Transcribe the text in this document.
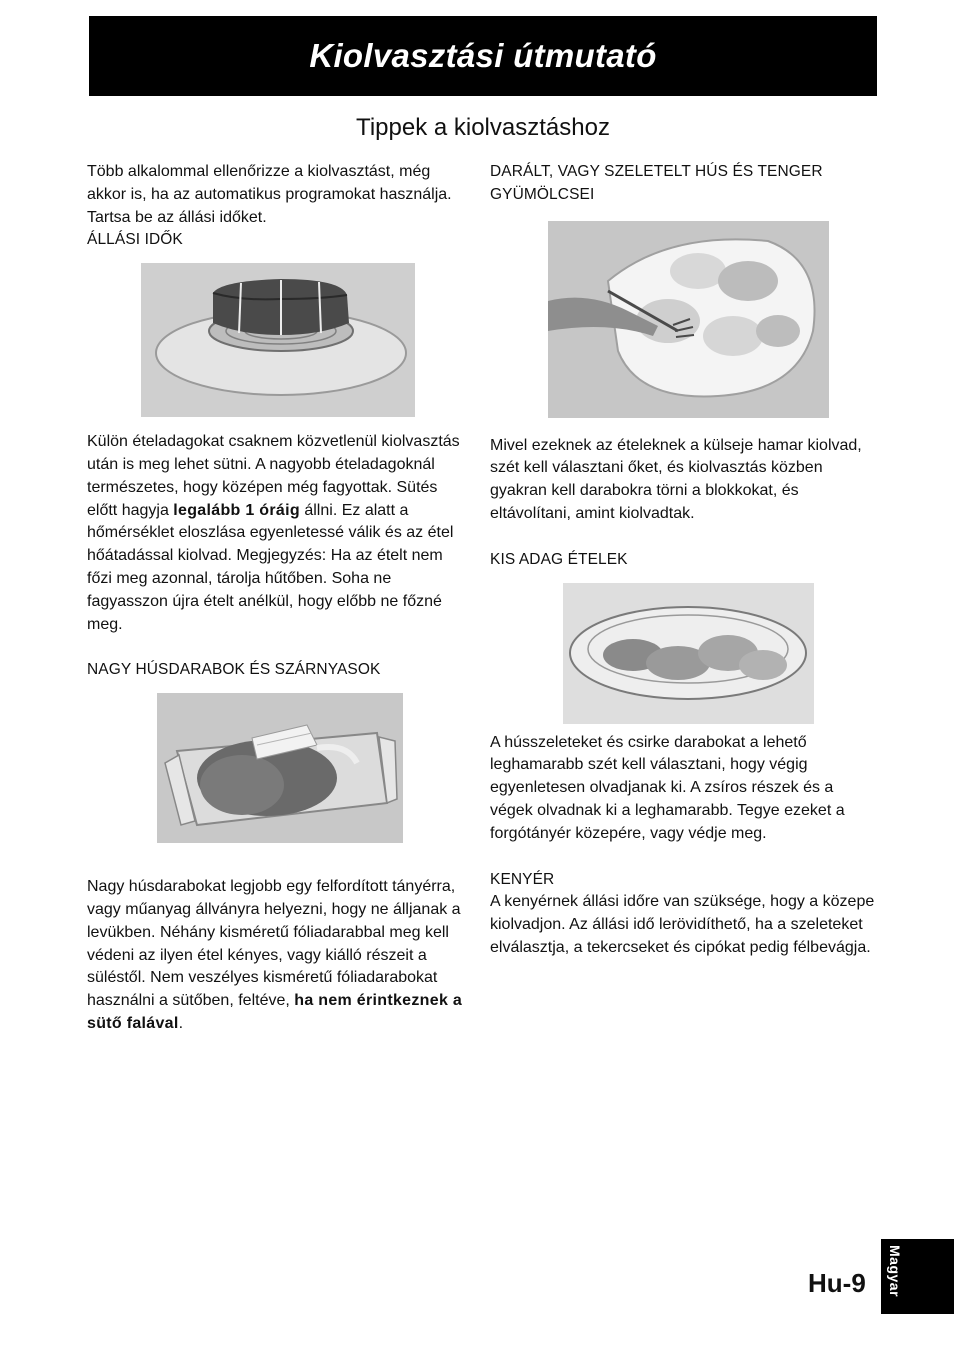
Kiolvasztási útmutató
Tippek a kiolvasztáshoz

Több alkalommal ellenőrizze a kiolvasztást, még akkor is, ha az automatikus programokat használja. Tartsa be az állási időket.

ÁLLÁSI IDŐK

Külön ételadagokat csaknem közvetlenül kiolvasztás után is meg lehet sütni. A nagyobb ételadagoknál természetes, hogy középen még fagyottak. Sütés előtt hagyja legalább 1 óráig állni. Ez alatt a hőmérséklet eloszlása egyenletessé válik és az étel hőátadással kiolvad. Megjegyzés: Ha az ételt nem főzi meg azonnal, tárolja hűtőben. Soha ne fagyasszon újra ételt anélkül, hogy előbb ne főzné meg.

NAGY HÚSDARABOK ÉS SZÁRNYASOK

Nagy húsdarabokat legjobb egy felfordított tányérra, vagy műanyag állványra helyezni, hogy ne álljanak a levükben. Néhány kisméretű fóliadarabbal meg kell védeni az ilyen étel kényes, vagy kiálló részeit a süléstől. Nem veszélyes kisméretű fóliadarabokat használni a sütőben, feltéve, ha nem érintkeznek a sütő falával.

DARÁLT, VAGY SZELETELT HÚS ÉS TENGER GYÜMÖLCSEI

Mivel ezeknek az ételeknek a külseje hamar kiolvad, szét kell választani őket, és kiolvasztás közben gyakran kell darabokra törni a blokkokat, és eltávolítani, amint kiolvadtak.

KIS ADAG ÉTELEK

A hússzeleteket és csirke darabokat a lehető leghamarabb szét kell választani, hogy végig egyenletesen olvadjanak ki. A zsíros részek és a végek olvadnak ki a leghamarabb. Tegye ezeket a forgótányér közepére, vagy védje meg.

KENYÉR

A kenyérnek állási időre van szüksége, hogy a közepe kiolvadjon. Az állási idő lerövidíthető, ha a szeleteket elválasztja, a tekercseket és cipókat pedig félbevágja.

Hu-9 Magyar
